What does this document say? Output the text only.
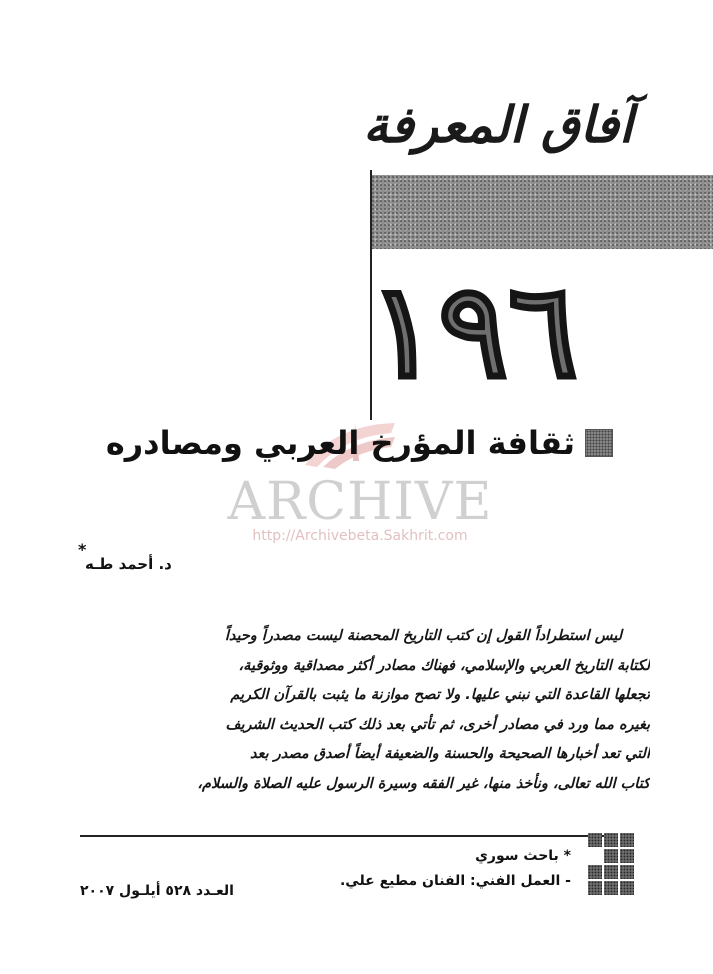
آفاق المعرفة
١٩٦
ثقافة المؤرخ العربي ومصادره
ARCHIVE
http://Archivebeta.Sakhrit.com
*
د. أحمد طـه
ليس استطراداً القول إن كتب التاريخ المحصنة ليست مصدراً وحيداً
لكتابة التاريخ العربي والإسلامي، فهناك مصادر أكثر مصداقية ووثوقية،
تجعلها القاعدة التي نبني عليها. ولا تصح موازنة ما يثبت بالقرآن الكريم
بغيره مما ورد في مصادر أخرى، ثم تأتي بعد ذلك كتب الحديث الشريف
التي تعد أخبارها الصحيحة والحسنة والضعيفة أيضاً أصدق مصدر بعد
كتاب الله تعالى، ونأخذ منها، غير الفقه وسيرة الرسول عليه الصلاة والسلام،
* باحث سوري
- العمل الفني: الفنان مطيع علي.
العـدد ٥٢٨ أيلـول ٢٠٠٧
